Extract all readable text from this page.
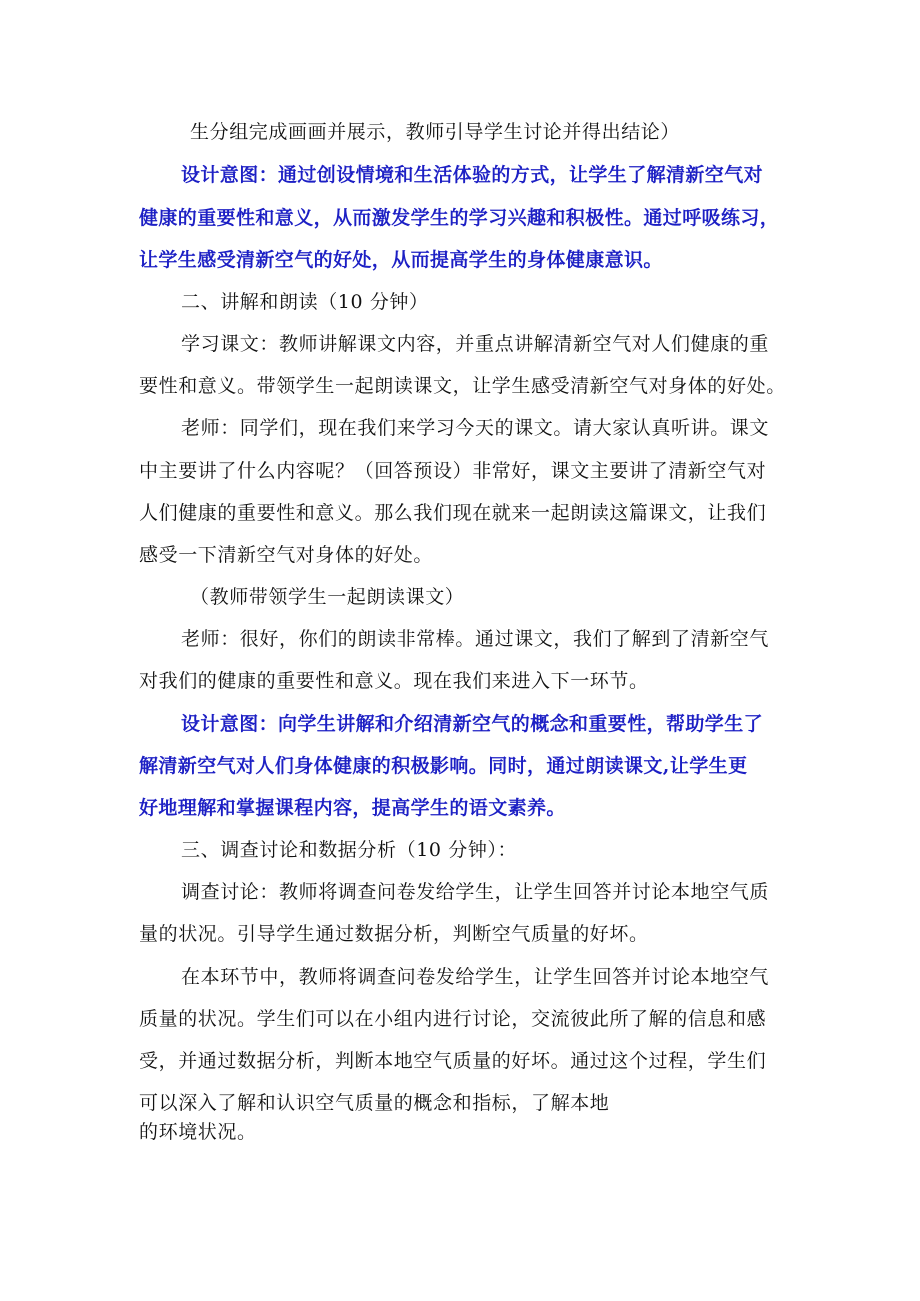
生分组完成画画并展示，教师引导学生讨论并得出结论）
设计意图：通过创设情境和生活体验的方式，让学生了解清新空气对
健康的重要性和意义，从而激发学生的学习兴趣和积极性。通过呼吸练习，
让学生感受清新空气的好处，从而提高学生的身体健康意识。
二、讲解和朗读（10 分钟）
学习课文：教师讲解课文内容，并重点讲解清新空气对人们健康的重
要性和意义。带领学生一起朗读课文，让学生感受清新空气对身体的好处。
老师：同学们，现在我们来学习今天的课文。请大家认真听讲。课文
中主要讲了什么内容呢？（回答预设）非常好，课文主要讲了清新空气对
人们健康的重要性和意义。那么我们现在就来一起朗读这篇课文，让我们
感受一下清新空气对身体的好处。
（教师带领学生一起朗读课文）
老师：很好，你们的朗读非常棒。通过课文，我们了解到了清新空气
对我们的健康的重要性和意义。现在我们来进入下一环节。
设计意图：向学生讲解和介绍清新空气的概念和重要性，帮助学生了
解清新空气对人们身体健康的积极影响。同时，通过朗读课文,让学生更
好地理解和掌握课程内容，提高学生的语文素养。
三、调查讨论和数据分析（10 分钟）：
调查讨论：教师将调查问卷发给学生，让学生回答并讨论本地空气质
量的状况。引导学生通过数据分析，判断空气质量的好坏。
在本环节中，教师将调查问卷发给学生，让学生回答并讨论本地空气
质量的状况。学生们可以在小组内进行讨论，交流彼此所了解的信息和感
受，并通过数据分析，判断本地空气质量的好坏。通过这个过程，学生们
可以深入了解和认识空气质量的概念和指标，了解本地
的环境状况。
